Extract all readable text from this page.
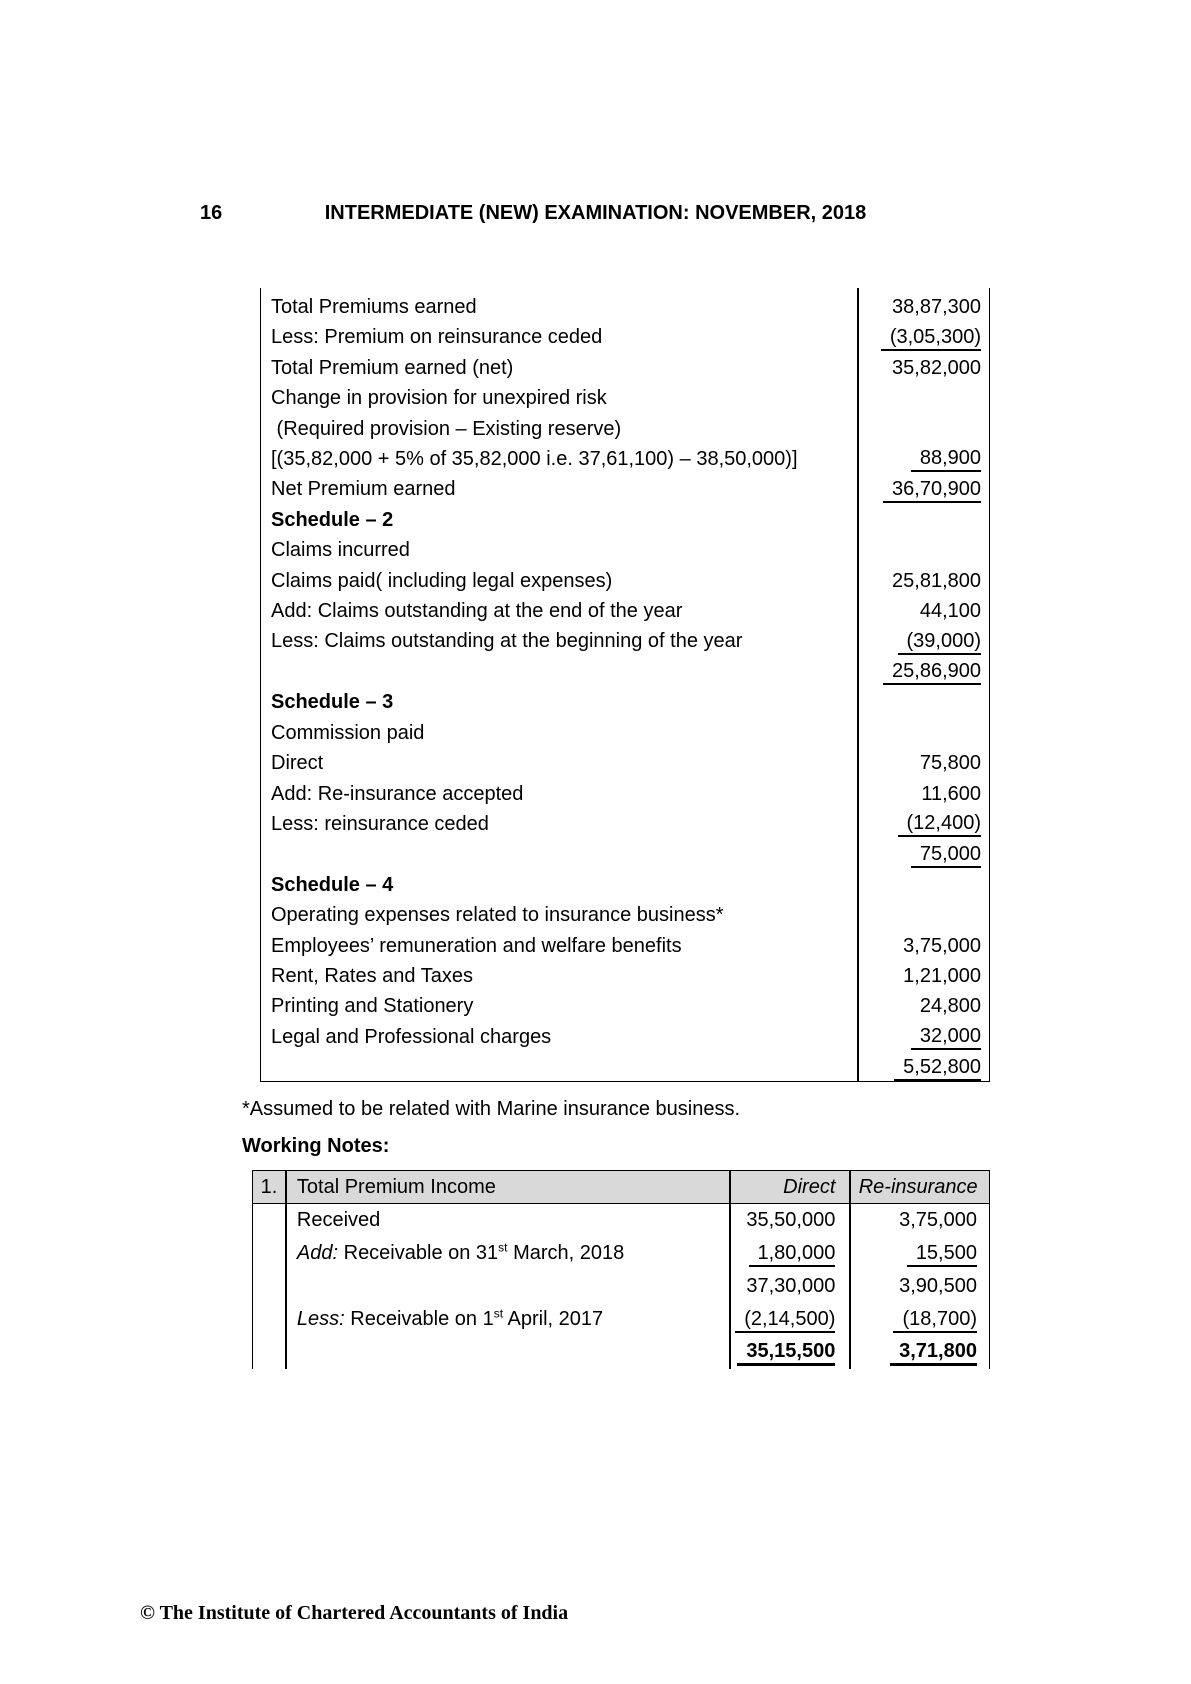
16	INTERMEDIATE (NEW) EXAMINATION: NOVEMBER, 2018
Total Premiums earned	38,87,300
Less: Premium on reinsurance ceded	(3,05,300)
Total Premium earned (net)	35,82,000
Change in provision for unexpired risk
(Required provision – Existing reserve)
[(35,82,000 + 5% of 35,82,000 i.e. 37,61,100) – 38,50,000)]	88,900
Net Premium earned	36,70,900
Schedule – 2
Claims incurred
Claims paid( including legal expenses)	25,81,800
Add: Claims outstanding at the end of the year	44,100
Less: Claims outstanding at the beginning of the year	(39,000)

25,86,900
Schedule – 3
Commission paid
Direct	75,800
Add: Re-insurance accepted	11,600
Less: reinsurance ceded	(12,400)

75,000
Schedule – 4
Operating expenses related to insurance business*
Employees’ remuneration and welfare benefits	3,75,000
Rent, Rates and Taxes	1,21,000
Printing and Stationery	24,800
Legal and Professional charges	32,000

5,52,800
*Assumed to be related with Marine insurance business.
Working Notes:
1. Total Premium Income	Direct	Re-insurance
Received	35,50,000	3,75,000
Add: Receivable on 31st March, 2018	1,80,000	15,500
37,30,000	3,90,500
Less: Receivable on 1st April, 2017	(2,14,500)	(18,700)
35,15,500	3,71,800
© The Institute of Chartered Accountants of India
